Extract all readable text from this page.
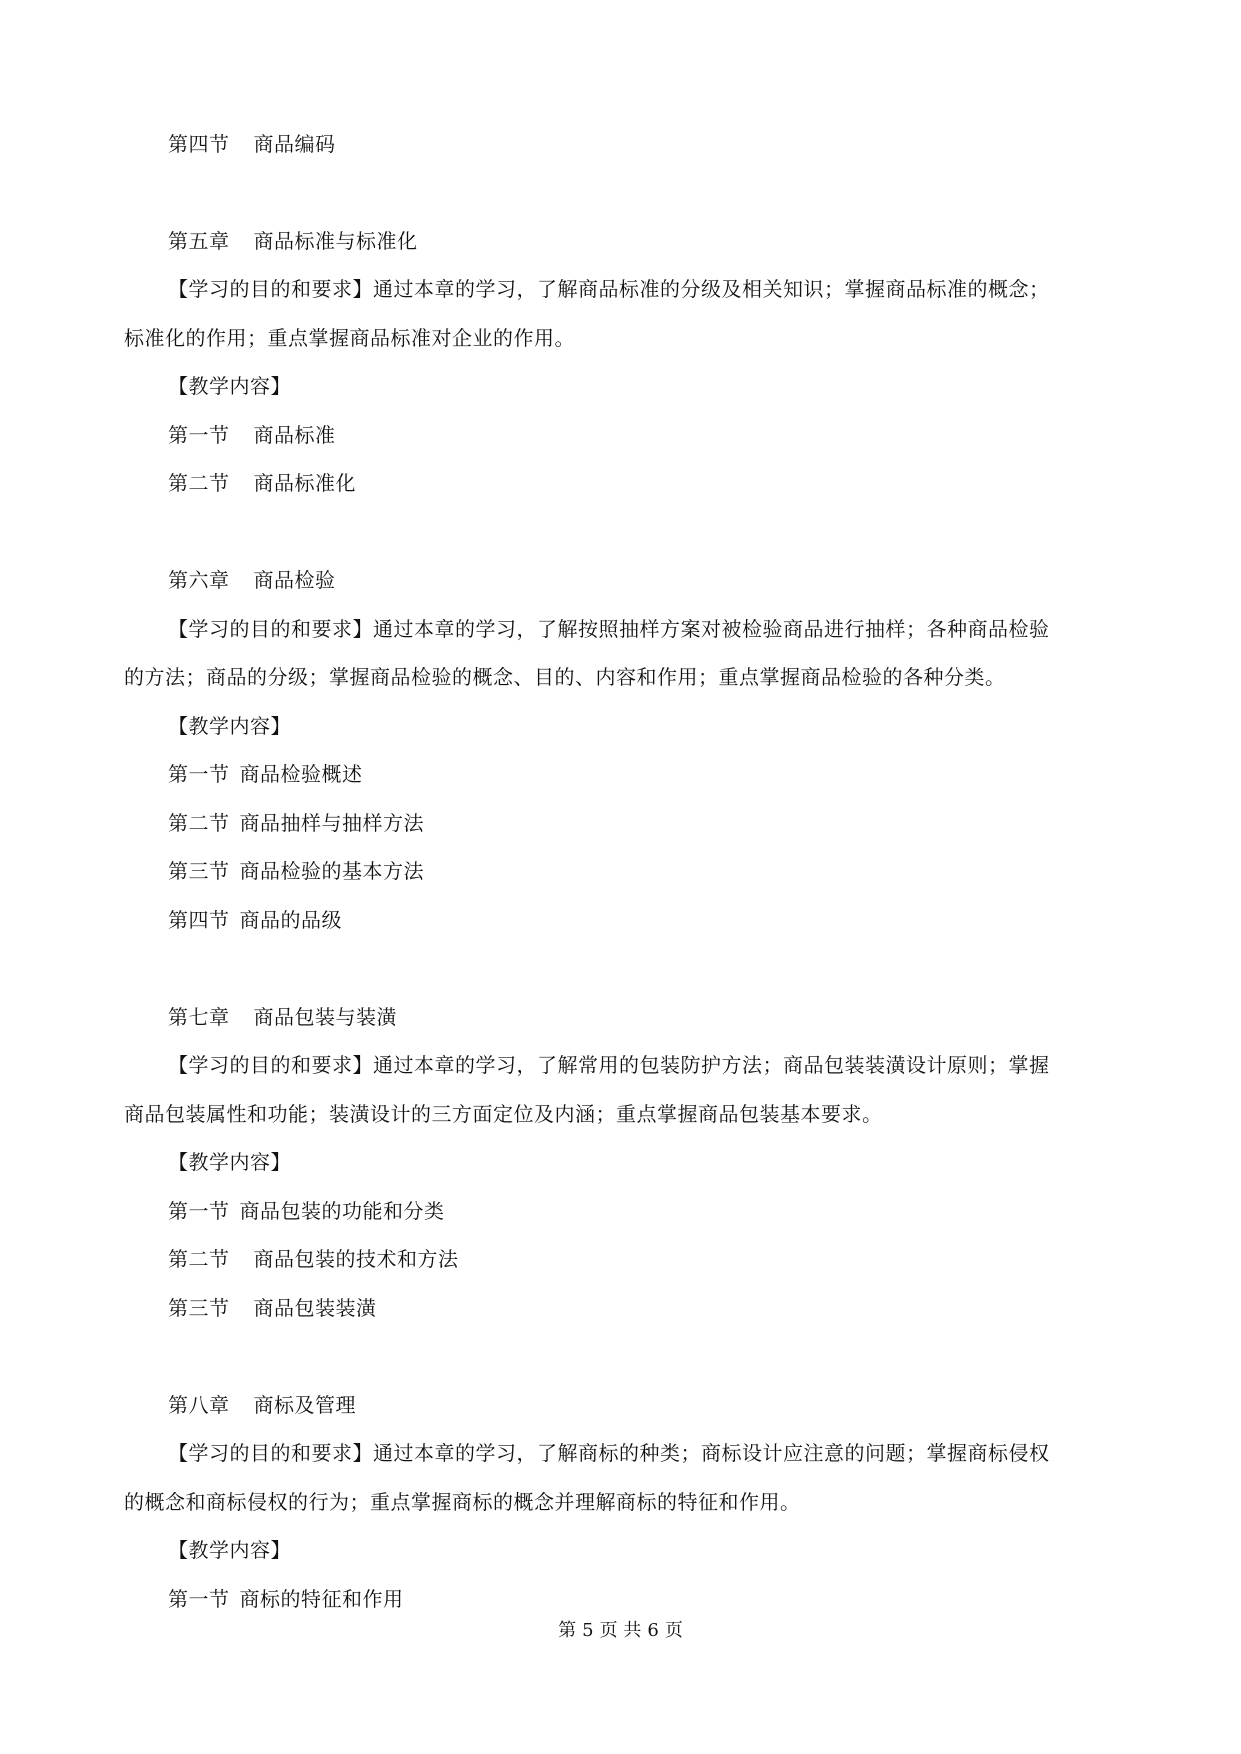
第四节 商品编码
第五章 商品标准与标准化
【学习的目的和要求】通过本章的学习，了解商品标准的分级及相关知识；掌握商品标准的概念；
标准化的作用；重点掌握商品标准对企业的作用。
【教学内容】
第一节 商品标准
第二节 商品标准化
第六章 商品检验
【学习的目的和要求】通过本章的学习，了解按照抽样方案对被检验商品进行抽样；各种商品检验
的方法；商品的分级；掌握商品检验的概念、目的、内容和作用；重点掌握商品检验的各种分类。
【教学内容】
第一节 商品检验概述
第二节 商品抽样与抽样方法
第三节 商品检验的基本方法
第四节 商品的品级
第七章 商品包装与装潢
【学习的目的和要求】通过本章的学习，了解常用的包装防护方法；商品包装装潢设计原则；掌握
商品包装属性和功能；装潢设计的三方面定位及内涵；重点掌握商品包装基本要求。
【教学内容】
第一节 商品包装的功能和分类
第二节 商品包装的技术和方法
第三节 商品包装装潢
第八章 商标及管理
【学习的目的和要求】通过本章的学习，了解商标的种类；商标设计应注意的问题；掌握商标侵权
的概念和商标侵权的行为；重点掌握商标的概念并理解商标的特征和作用。
【教学内容】
第一节 商标的特征和作用
第 5 页 共 6 页
